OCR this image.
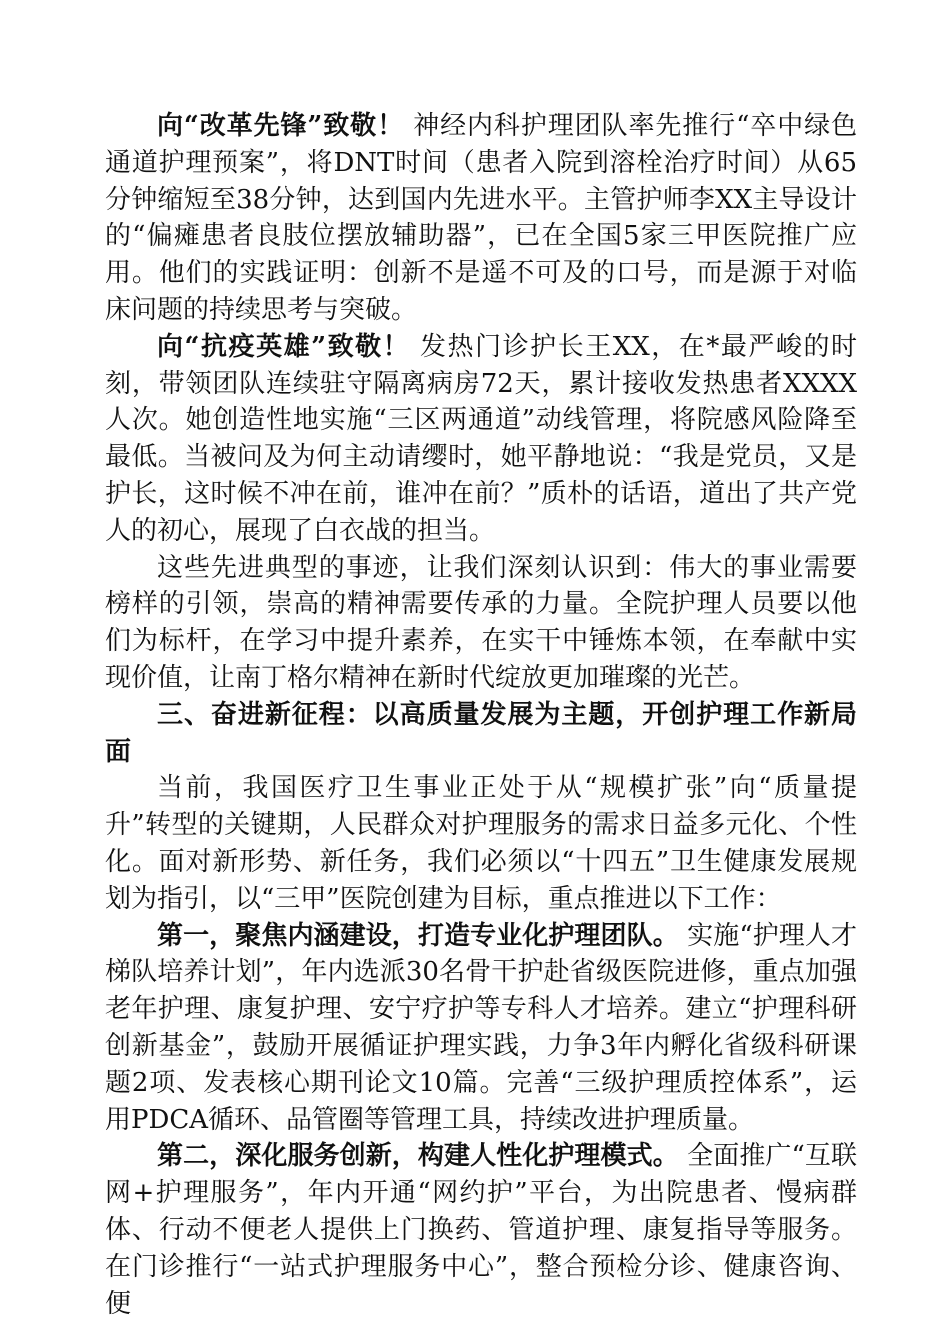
向“改革先锋”致敬！ 神经内科护理团队率先推行“卒中绿色通道护理预案”，将DNT时间（患者入院到溶栓治疗时间）从65分钟缩短至38分钟，达到国内先进水平。主管护师李XX主导设计的“偏瘫患者良肢位摆放辅助器”，已在全国5家三甲医院推广应用。他们的实践证明：创新不是遥不可及的口号，而是源于对临床问题的持续思考与突破。

向“抗疫英雄”致敬！ 发热门诊护长王XX，在*最严峻的时刻，带领团队连续驻守隔离病房72天，累计接收发热患者XXXX人次。她创造性地实施“三区两通道”动线管理，将院感风险降至最低。当被问及为何主动请缨时，她平静地说：“我是党员，又是护长，这时候不冲在前，谁冲在前？”质朴的话语，道出了共产党人的初心，展现了白衣战的担当。

这些先进典型的事迹，让我们深刻认识到：伟大的事业需要榜样的引领，崇高的精神需要传承的力量。全院护理人员要以他们为标杆，在学习中提升素养，在实干中锤炼本领，在奉献中实现价值，让南丁格尔精神在新时代绽放更加璀璨的光芒。

三、奋进新征程：以高质量发展为主题，开创护理工作新局面

当前，我国医疗卫生事业正处于从“规模扩张”向“质量提升”转型的关键期，人民群众对护理服务的需求日益多元化、个性化。面对新形势、新任务，我们必须以“十四五”卫生健康发展规划为指引，以“三甲”医院创建为目标，重点推进以下工作：

第一，聚焦内涵建设，打造专业化护理团队。 实施“护理人才梯队培养计划”，年内选派30名骨干护赴省级医院进修，重点加强老年护理、康复护理、安宁疗护等专科人才培养。建立“护理科研创新基金”，鼓励开展循证护理实践，力争3年内孵化省级科研课题2项、发表核心期刊论文10篇。完善“三级护理质控体系”，运用PDCA循环、品管圈等管理工具，持续改进护理质量。

第二，深化服务创新，构建人性化护理模式。 全面推广“互联网+护理服务”，年内开通“网约护”平台，为出院患者、慢病群体、行动不便老人提供上门换药、管道护理、康复指导等服务。在门诊推行“一站式护理服务中心”，整合预检分诊、健康咨询、便
